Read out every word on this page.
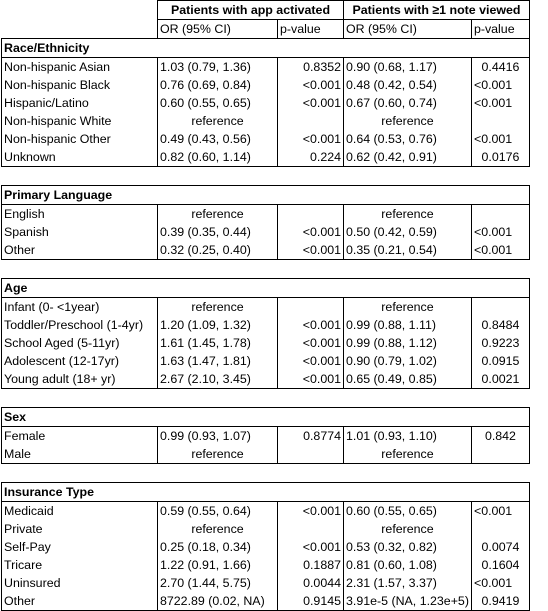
	Patients with app activated		Patients with ≥1 note viewed	
	OR (95% CI)	p-value	OR (95% CI)	p-value
Race/Ethnicity				
Non-hispanic Asian	1.03 (0.79, 1.36)	0.8352	0.90 (0.68, 1.17)	0.4416
Non-hispanic Black	0.76 (0.69, 0.84)	<0.001	0.48 (0.42, 0.54)	<0.001
Hispanic/Latino	0.60 (0.55, 0.65)	<0.001	0.67 (0.60, 0.74)	<0.001
Non-hispanic White	reference		reference	
Non-hispanic Other	0.49 (0.43, 0.56)	<0.001	0.64 (0.53, 0.76)	<0.001
Unknown	0.82 (0.60, 1.14)	0.224	0.62 (0.42, 0.91)	0.0176

Primary Language				
English	reference		reference	
Spanish	0.39 (0.35, 0.44)	<0.001	0.50 (0.42, 0.59)	<0.001
Other	0.32 (0.25, 0.40)	<0.001	0.35 (0.21, 0.54)	<0.001

Age				
Infant (0- <1year)	reference		reference	
Toddler/Preschool (1-4yr)	1.20 (1.09, 1.32)	<0.001	0.99 (0.88, 1.11)	0.8484
School Aged (5-11yr)	1.61 (1.45, 1.78)	<0.001	0.99 (0.88, 1.12)	0.9223
Adolescent (12-17yr)	1.63 (1.47, 1.81)	<0.001	0.90 (0.79, 1.02)	0.0915
Young adult (18+ yr)	2.67 (2.10, 3.45)	<0.001	0.65 (0.49, 0.85)	0.0021

Sex				
Female	0.99 (0.93, 1.07)	0.8774	1.01 (0.93, 1.10)	0.842
Male	reference		reference	

Insurance Type				
Medicaid	0.59 (0.55, 0.64)	<0.001	0.60 (0.55, 0.65)	<0.001
Private	reference		reference	
Self-Pay	0.25 (0.18, 0.34)	<0.001	0.53 (0.32, 0.82)	0.0074
Tricare	1.22 (0.91, 1.66)	0.1887	0.81 (0.60, 1.08)	0.1604
Uninsured	2.70 (1.44, 5.75)	0.0044	2.31 (1.57, 3.37)	<0.001
Other	8722.89 (0.02, NA)	0.9145	3.91e-5 (NA, 1.23e+5)	0.9419
